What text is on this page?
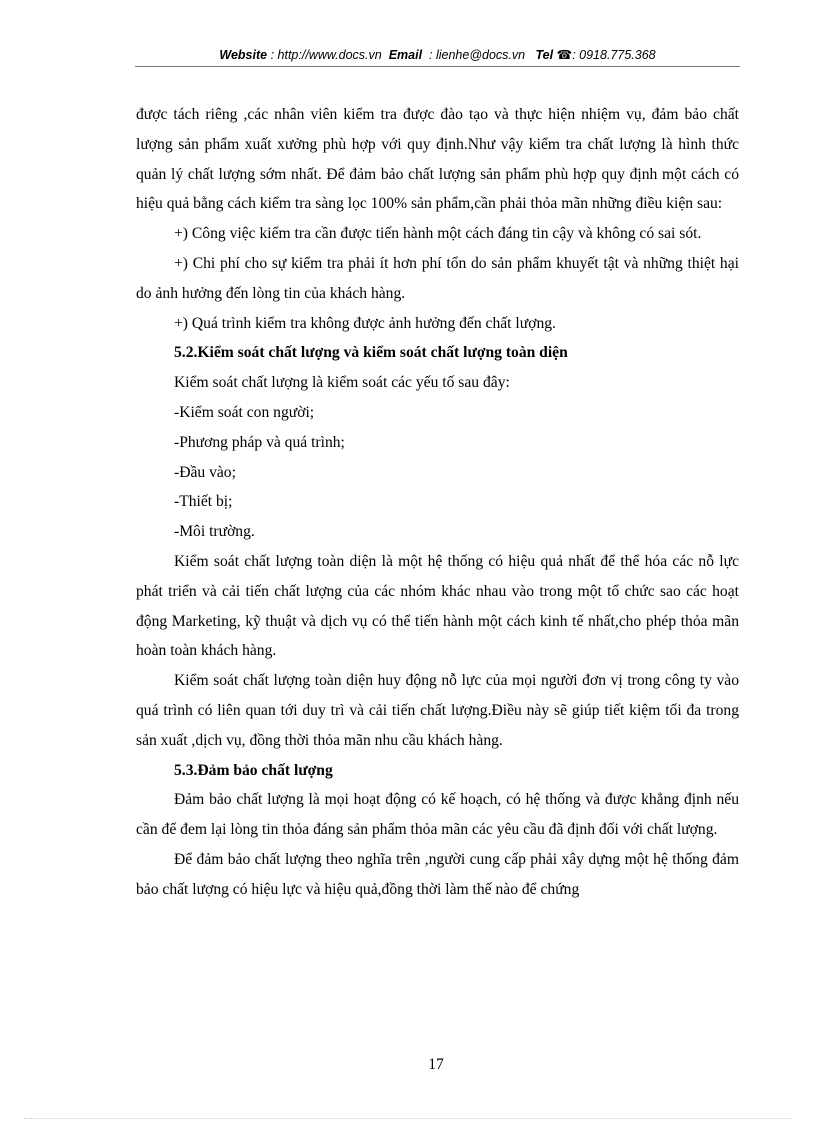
Website : http://www.docs.vn Email : lienhe@docs.vn Tel ☎: 0918.775.368

được tách riêng ,các nhân viên kiểm tra được đào tạo và thực hiện nhiệm vụ, đảm bảo chất lượng sản phẩm xuất xưởng phù hợp với quy định.Như vậy kiểm tra chất lượng là hình thức quản lý chất lượng sớm nhất. Để đảm bảo chất lượng sản phẩm phù hợp quy định một cách có hiệu quả bằng cách kiểm tra sàng lọc 100% sản phẩm,cần phải thỏa mãn những điều kiện sau:

+) Công việc kiểm tra cần được tiến hành một cách đáng tin cậy và không có sai sót.

+) Chi phí cho sự kiểm tra phải ít hơn phí tổn do sản phẩm khuyết tật và những thiệt hại do ảnh hưởng đến lòng tin của khách hàng.

+) Quá trình kiểm tra không được ảnh hưởng đến chất lượng.

5.2.Kiểm soát chất lượng và kiểm soát chất lượng toàn diện

Kiểm soát chất lượng là kiểm soát các yếu tố sau đây:

-Kiểm soát con người;

-Phương pháp và quá trình;

-Đầu vào;

-Thiết bị;

-Môi trường.

Kiểm soát chất lượng toàn diện là một hệ thống có hiệu quả nhất để thể hóa các nỗ lực phát triển và cải tiến chất lượng của các nhóm khác nhau vào trong một tổ chức sao các hoạt động Marketing, kỹ thuật và dịch vụ có thể tiến hành một cách kinh tế nhất,cho phép thỏa mãn hoàn toàn khách hàng.

Kiểm soát chất lượng toàn diện huy động nỗ lực của mọi người đơn vị trong công ty vào quá trình có liên quan tới duy trì và cải tiến chất lượng.Điều này sẽ giúp tiết kiệm tối đa trong sản xuất ,dịch vụ, đồng thời thỏa mãn nhu cầu khách hàng.

5.3.Đảm bảo chất lượng

Đảm bảo chất lượng là mọi hoạt động có kế hoạch, có hệ thống và được khẳng định nếu cần để đem lại lòng tin thỏa đáng sản phẩm thỏa mãn các yêu cầu đã định đối với chất lượng.

Để đảm bảo chất lượng theo nghĩa trên ,người cung cấp phải xây dựng một hệ thống đảm bảo chất lượng có hiệu lực và hiệu quả,đồng thời làm thế nào để chứng

17
